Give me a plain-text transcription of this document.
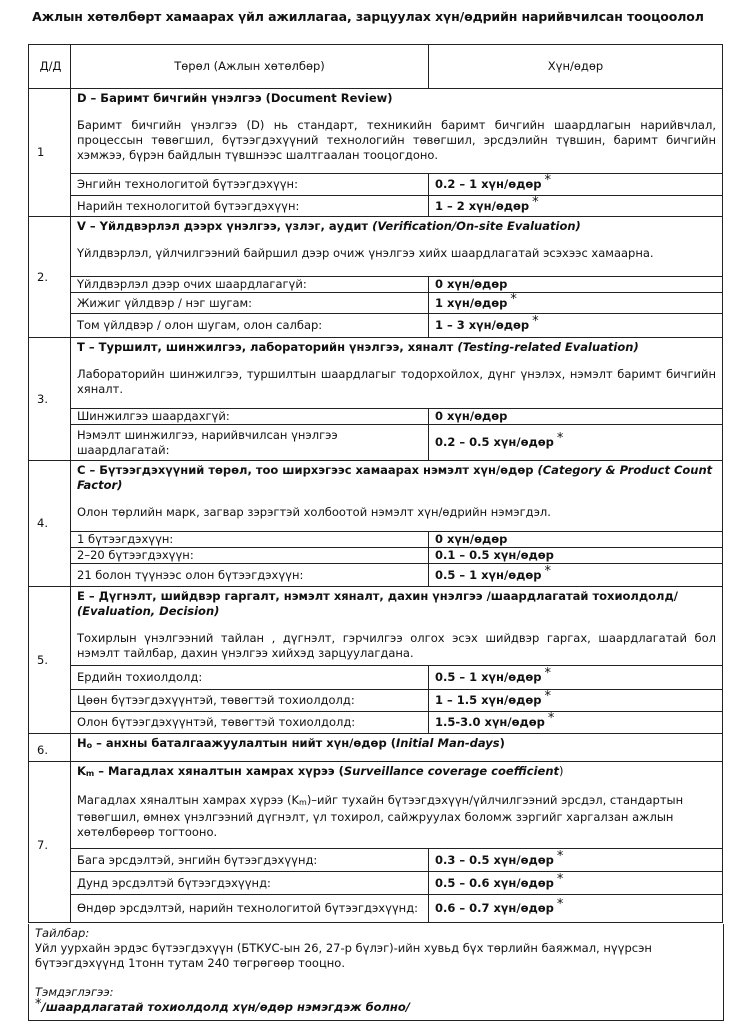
Ажлын хөтөлбөрт хамаарах үйл ажиллагаа, зарцуулах хүн/өдрийн нарийвчилсан тооцоолол
Д/Д	Төрөл (Ажлын хөтөлбөр)	Хүн/өдөр
1	D – Баримт бичгийн үнэлгээ (Document Review)
Баримт бичгийн үнэлгээ (D) нь стандарт, техникийн баримт бичгийн шаардлагын нарийвчлал, процессын төвөгшил, бүтээгдэхүүний технологийн төвөгшил, эрсдэлийн түвшин, баримт бичгийн хэмжээ, бүрэн байдлын түвшнээс шалтгаалан тооцогдоно.	

	Энгийн технологитой бүтээгдэхүүн:	0.2 – 1 хүн/өдөр *
	Нарийн технологитой бүтээгдэхүүн:	1 – 2 хүн/өдөр *
2.	V – Үйлдвэрлэл дээрх үнэлгээ, үзлэг, аудит (Verification/On-site Evaluation)
Үйлдвэрлэл, үйлчилгээний байршил дээр очиж үнэлгээ хийх шаардлагатай эсэхээс хамаарна.	

	Үйлдвэрлэл дээр очих шаардлагагүй:	0 хүн/өдөр
	Жижиг үйлдвэр / нэг шугам:	1 хүн/өдөр *
	Том үйлдвэр / олон шугам, олон салбар:	1 – 3 хүн/өдөр *
3.	T – Туршилт, шинжилгээ, лабораторийн үнэлгээ, хяналт (Testing-related Evaluation)
Лабораторийн шинжилгээ, туршилтын шаардлагыг тодорхойлох, дүнг үнэлэх, нэмэлт баримт бичгийн хяналт.	

	Шинжилгээ шаардахгүй:	0 хүн/өдөр
	Нэмэлт шинжилгээ, нарийвчилсан үнэлгээ шаардлагатай:	0.2 – 0.5 хүн/өдөр *
4.	C – Бүтээгдэхүүний төрөл, тоо ширхэгээс хамаарах нэмэлт хүн/өдөр (Category & Product Count Factor)
Олон төрлийн марк, загвар зэрэгтэй холбоотой нэмэлт хүн/өдрийн нэмэгдэл.	

	1 бүтээгдэхүүн:	0 хүн/өдөр
	2–20 бүтээгдэхүүн:	0.1 – 0.5 хүн/өдөр
	21 болон түүнээс олон бүтээгдэхүүн:	0.5 – 1 хүн/өдөр *
5.	E – Дүгнэлт, шийдвэр гаргалт, нэмэлт хяналт, дахин үнэлгээ /шаардлагатай тохиолдолд/ (Evaluation, Decision)
Тохирлын үнэлгээний тайлан , дүгнэлт, гэрчилгээ олгох эсэх шийдвэр гаргах, шаардлагатай бол нэмэлт тайлбар, дахин үнэлгээ хийхэд зарцуулагдана.	

	Ердийн тохиолдолд:	0.5 – 1 хүн/өдөр *
	Цөөн бүтээгдэхүүнтэй, төвөгтэй тохиолдолд:	1 – 1.5 хүн/өдөр *
	Олон бүтээгдэхүүнтэй, төвөгтэй тохиолдолд:	1.5-3.0 хүн/өдөр *
6.	Ho – анхны баталгаажуулалтын нийт хүн/өдөр (Initial Man-days)	

7.	Km – Магадлах хяналтын хамрах хүрээ (Surveillance coverage coefficient)
Магадлах хяналтын хамрах хүрээ (Km)–ийг тухайн бүтээгдэхүүн/үйлчилгээний эрсдэл, стандартын төвөгшил, өмнөх үнэлгээний дүгнэлт, үл тохирол, сайжруулах боломж зэргийг харгалзан ажлын хөтөлбөрөөр тогтооно.	

	Бага эрсдэлтэй, энгийн бүтээгдэхүүнд:	0.3 – 0.5 хүн/өдөр *
	Дунд эрсдэлтэй бүтээгдэхүүнд:	0.5 – 0.6 хүн/өдөр *
	Өндөр эрсдэлтэй, нарийн технологитой бүтээгдэхүүнд:	0.6 – 0.7 хүн/өдөр *
Тайлбар:
Уйл уурхайн эрдэс бүтээгдэхүүн (БТКУС-ын 26, 27-р бүлэг)-ийн хувьд бүх төрлийн баяжмал, нүүрсэн бүтээгдэхүүнд 1тонн тутам 240 төгрөгөөр тооцно.
Тэмдэглэгээ:
*/шаардлагатай тохиолдолд хүн/өдөр нэмэгдэж болно/
